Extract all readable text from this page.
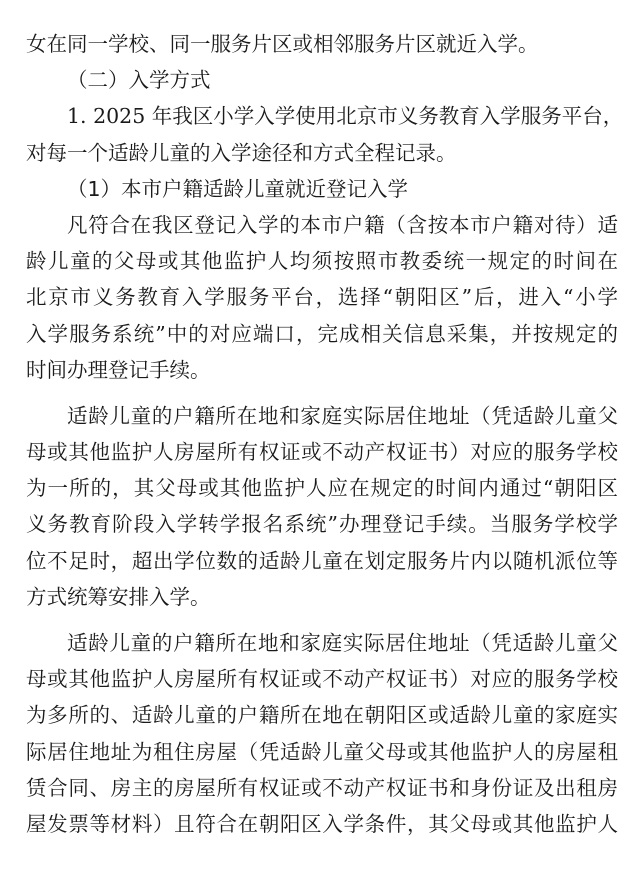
女在同一学校、同一服务片区或相邻服务片区就近入学。
（二）入学方式
1. 2025 年我区小学入学使用北京市义务教育入学服务平台，
对每一个适龄儿童的入学途径和方式全程记录。
（1）本市户籍适龄儿童就近登记入学
凡符合在我区登记入学的本市户籍（含按本市户籍对待）适
龄儿童的父母或其他监护人均须按照市教委统一规定的时间在
北京市义务教育入学服务平台，选择“朝阳区”后，进入“小学
入学服务系统”中的对应端口，完成相关信息采集，并按规定的
时间办理登记手续。
适龄儿童的户籍所在地和家庭实际居住地址（凭适龄儿童父
母或其他监护人房屋所有权证或不动产权证书）对应的服务学校
为一所的，其父母或其他监护人应在规定的时间内通过“朝阳区
义务教育阶段入学转学报名系统”办理登记手续。当服务学校学
位不足时，超出学位数的适龄儿童在划定服务片内以随机派位等
方式统筹安排入学。
适龄儿童的户籍所在地和家庭实际居住地址（凭适龄儿童父
母或其他监护人房屋所有权证或不动产权证书）对应的服务学校
为多所的、适龄儿童的户籍所在地在朝阳区或适龄儿童的家庭实
际居住地址为租住房屋（凭适龄儿童父母或其他监护人的房屋租
赁合同、房主的房屋所有权证或不动产权证书和身份证及出租房
屋发票等材料）且符合在朝阳区入学条件，其父母或其他监护人
